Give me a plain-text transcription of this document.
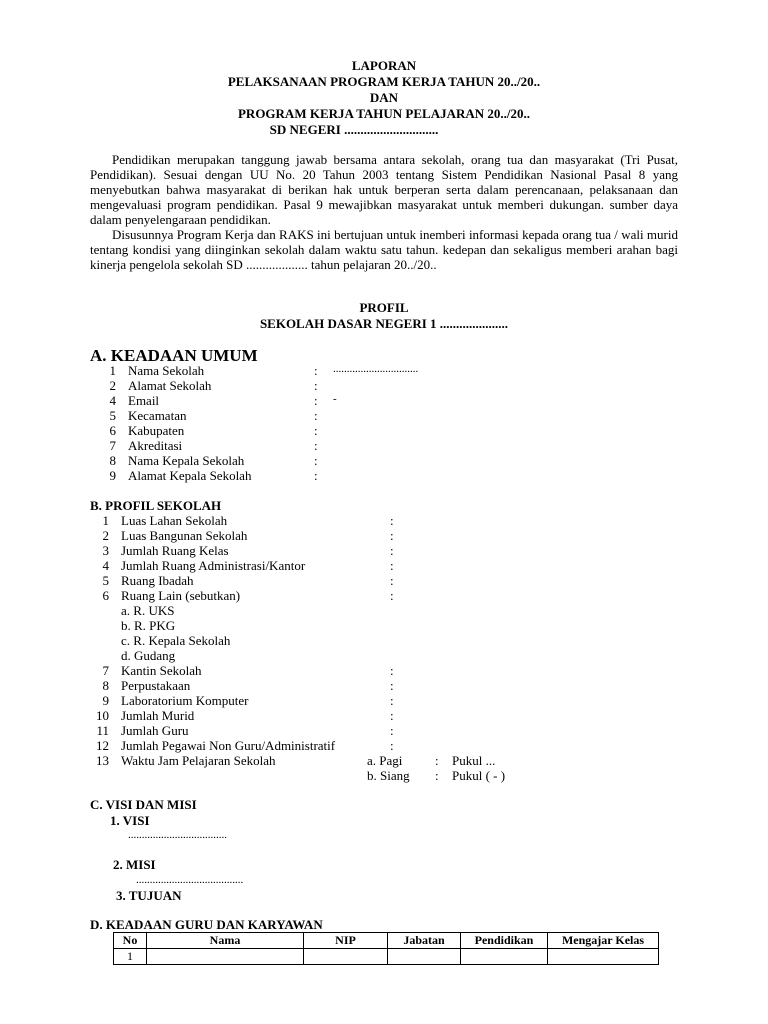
LAPORAN
PELAKSANAAN PROGRAM KERJA TAHUN 20../20..
DAN
PROGRAM KERJA TAHUN PELAJARAN 20../20..
SD NEGERI .............................
Pendidikan merupakan tanggung jawab bersama antara sekolah, orang tua dan masyarakat (Tri Pusat, Pendidikan). Sesuai dengan UU No. 20 Tahun 2003 tentang Sistem Pendidikan Nasional Pasal 8 yang menyebutkan bahwa masyarakat di berikan hak untuk berperan serta dalam perencanaan, pelaksanaan dan mengevaluasi program pendidikan. Pasal 9 mewajibkan masyarakat untuk memberi dukungan. sumber daya dalam penyelengaraan pendidikan.
Disusunnya Program Kerja dan RAKS ini bertujuan untuk inemberi informasi kepada orang tua / wali murid tentang kondisi yang diinginkan sekolah dalam waktu satu tahun. kedepan dan sekaligus memberi arahan bagi kinerja pengelola sekolah SD ................... tahun pelajaran 20../20..
PROFIL
SEKOLAH DASAR NEGERI 1 .....................
A. KEADAAN UMUM
1 Nama Sekolah	: ...............................
2 Alamat Sekolah	:
4 Email	: -
5 Kecamatan	:
6 Kabupaten	:
7 Akreditasi	:
8 Nama Kepala Sekolah	:
9 Alamat Kepala Sekolah	:
B. PROFIL SEKOLAH
1 Luas Lahan Sekolah	:
2 Luas Bangunan Sekolah	:
3 Jumlah Ruang Kelas	:
4 Jumlah Ruang Administrasi/Kantor	:
5 Ruang Ibadah	:
6 Ruang Lain (sebutkan)	:
a. R. UKS
b. R. PKG
c. R. Kepala Sekolah
d. Gudang
7 Kantin Sekolah	:
8 Perpustakaan	:
9 Laboratorium Komputer	:
10 Jumlah Murid	:
11 Jumlah Guru	:
12 Jumlah Pegawai Non Guru/Administratif	:
13 Waktu Jam Pelajaran Sekolah	a. Pagi	: Pukul ...
b. Siang : Pukul ( - )
C. VISI DAN MISI
1. VISI
....................................
2. MISI
.......................................
3. TUJUAN
D. KEADAAN GURU DAN KARYAWAN
No	Nama	NIP	Jabatan	Pendidikan	Mengajar Kelas
1					
